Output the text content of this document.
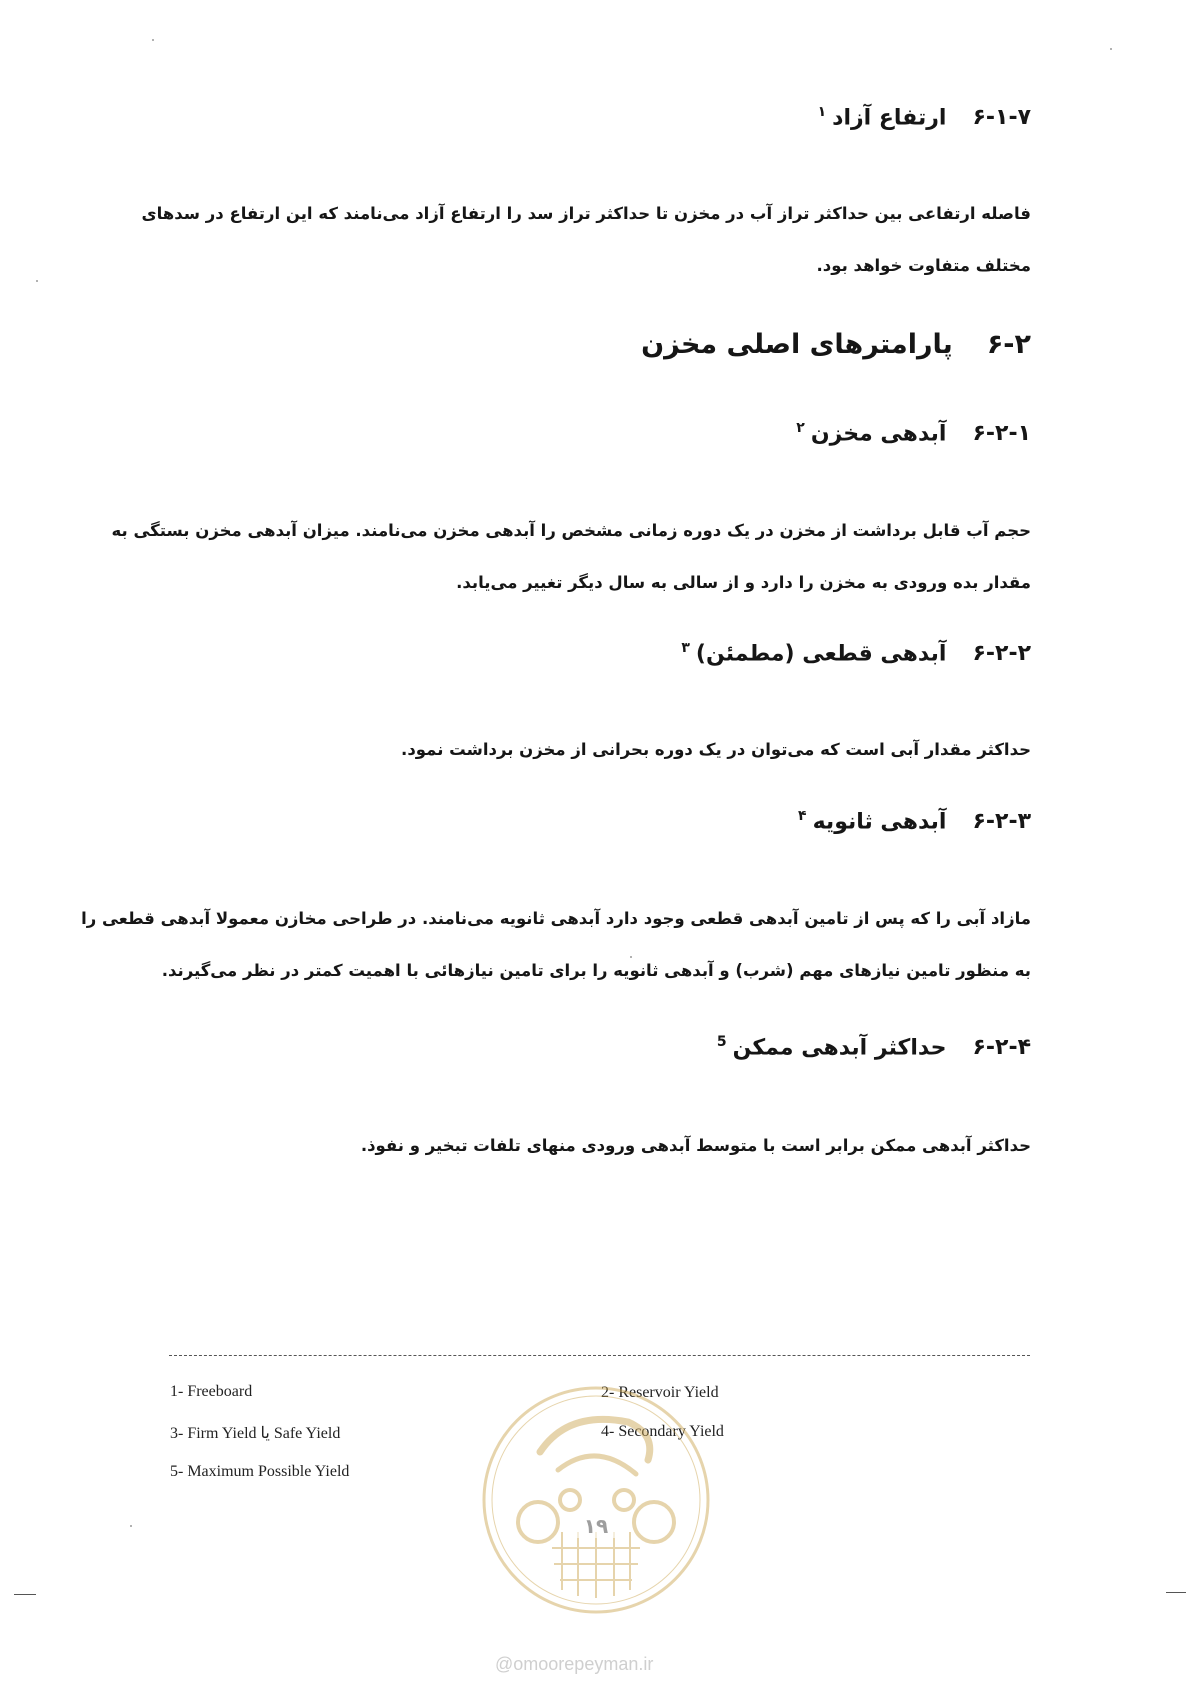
۶-۱-۷ارتفاع آزاد$^۱$
فاصله ارتفاعی بین حداکثر تراز آب در مخزن تا حداکثر تراز سد را ارتفاع آزاد می‌نامند که این ارتفاع در سدهای
مختلف متفاوت خواهد بود.
۶-۲پارامترهای اصلی مخزن
۶-۲-۱آبدهی مخزن$^۲$
حجم آب قابل برداشت از مخزن در یک دوره زمانی مشخص را آبدهی مخزن می‌نامند. میزان آبدهی مخزن بستگی به
مقدار بده ورودی به مخزن را دارد و از سالی به سال دیگر تغییر می‌یابد.
۶-۲-۲آبدهی قطعی (مطمئن)$^۳$
حداکثر مقدار آبی است که می‌توان در یک دوره بحرانی از مخزن برداشت نمود.
۶-۲-۳آبدهی ثانویه$^۴$
مازاد آبی را که پس از تامین آبدهی قطعی وجود دارد آبدهی ثانویه می‌نامند. در طراحی مخازن معمولا آبدهی قطعی را
به منظور تامین نیازهای مهم (شرب) و آبدهی ثانویه را برای تامین نیازهائی با اهمیت کمتر در نظر می‌گیرند.
۶-۲-۴حداکثر آبدهی ممکن$^5$
حداکثر آبدهی ممکن برابر است با متوسط آبدهی ورودی منهای تلفات تبخیر و نفوذ.
1- Freeboard	2- Reservoir Yield
3- Firm Yield یا Safe Yield	4- Secondary Yield
5- Maximum Possible Yield
۱۹
@omoorepeyman.ir
